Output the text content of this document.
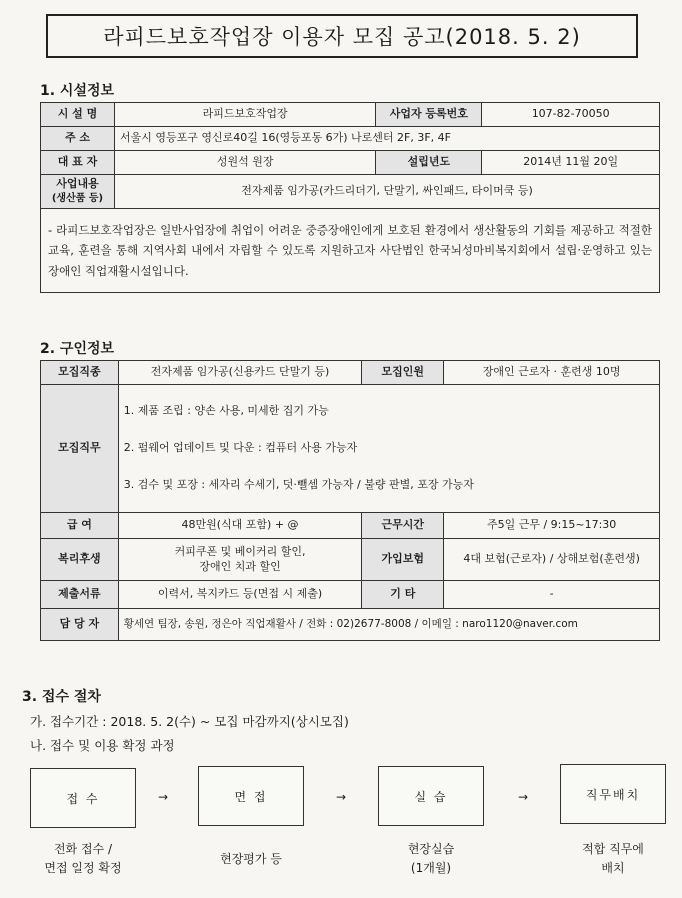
라피드보호작업장 이용자 모집 공고(2018. 5. 2)
1. 시설정보
시 설 명	라피드보호작업장	사업자 등록번호	107-82-70050
주 소	서울시 영등포구 영신로40길 16(영등포동 6가) 나로센터 2F, 3F, 4F		
대 표 자	성원석 원장	설립년도	2014년 11월 20일

사업내용
(생산품 등)	전자제품 임가공(카드리더기, 단말기, 싸인패드, 타이머쿡 등)		
- 라피드보호작업장은 일반사업장에 취업이 어려운 중증장애인에게 보호된 환경에서 생산활동의 기회를 제공하고 적절한 교육, 훈련을 통해 지역사회 내에서 자립할 수 있도록 지원하고자 사단법인 한국뇌성마비복지회에서 설립·운영하고 있는 장애인 직업재활시설입니다.			
2. 구인정보
모집직종	전자제품 임가공(신용카드 단말기 등)	모집인원	장애인 근로자 · 훈련생 10명
모집직무	1. 제품 조립 : 양손 사용, 미세한 집기 가능
2. 펌웨어 업데이트 및 다운 : 컴퓨터 사용 가능자
3. 검수 및 포장 : 세자리 수세기, 덧·뺄셈 가능자 / 불량 판별, 포장 가능자		

급 여	48만원(식대 포함) + @	근무시간	주5일 근무 / 9:15~17:30
복리후생	커피쿠폰 및 베이커리 할인,
장애인 치과 할인	가입보험	4대 보험(근로자) / 상해보험(훈련생)
제출서류	이력서, 복지카드 등(면접 시 제출)	기 타	-
담 당 자	황세연 팀장, 송원, 정은아 직업재활사 / 전화 : 02)2677-8008 / 이메일 : naro1120@naver.com		
3. 접수 절차
가. 접수기간 : 2018. 5. 2(수) ~ 모집 마감까지(상시모집)
나. 접수 및 이용 확정 과정
접 수	→	면 접	→	실 습	→	직무배치
전화 접수 /
면접 일정 확정
현장평가 등
현장실습
(1개월)
적합 직무에
배치
